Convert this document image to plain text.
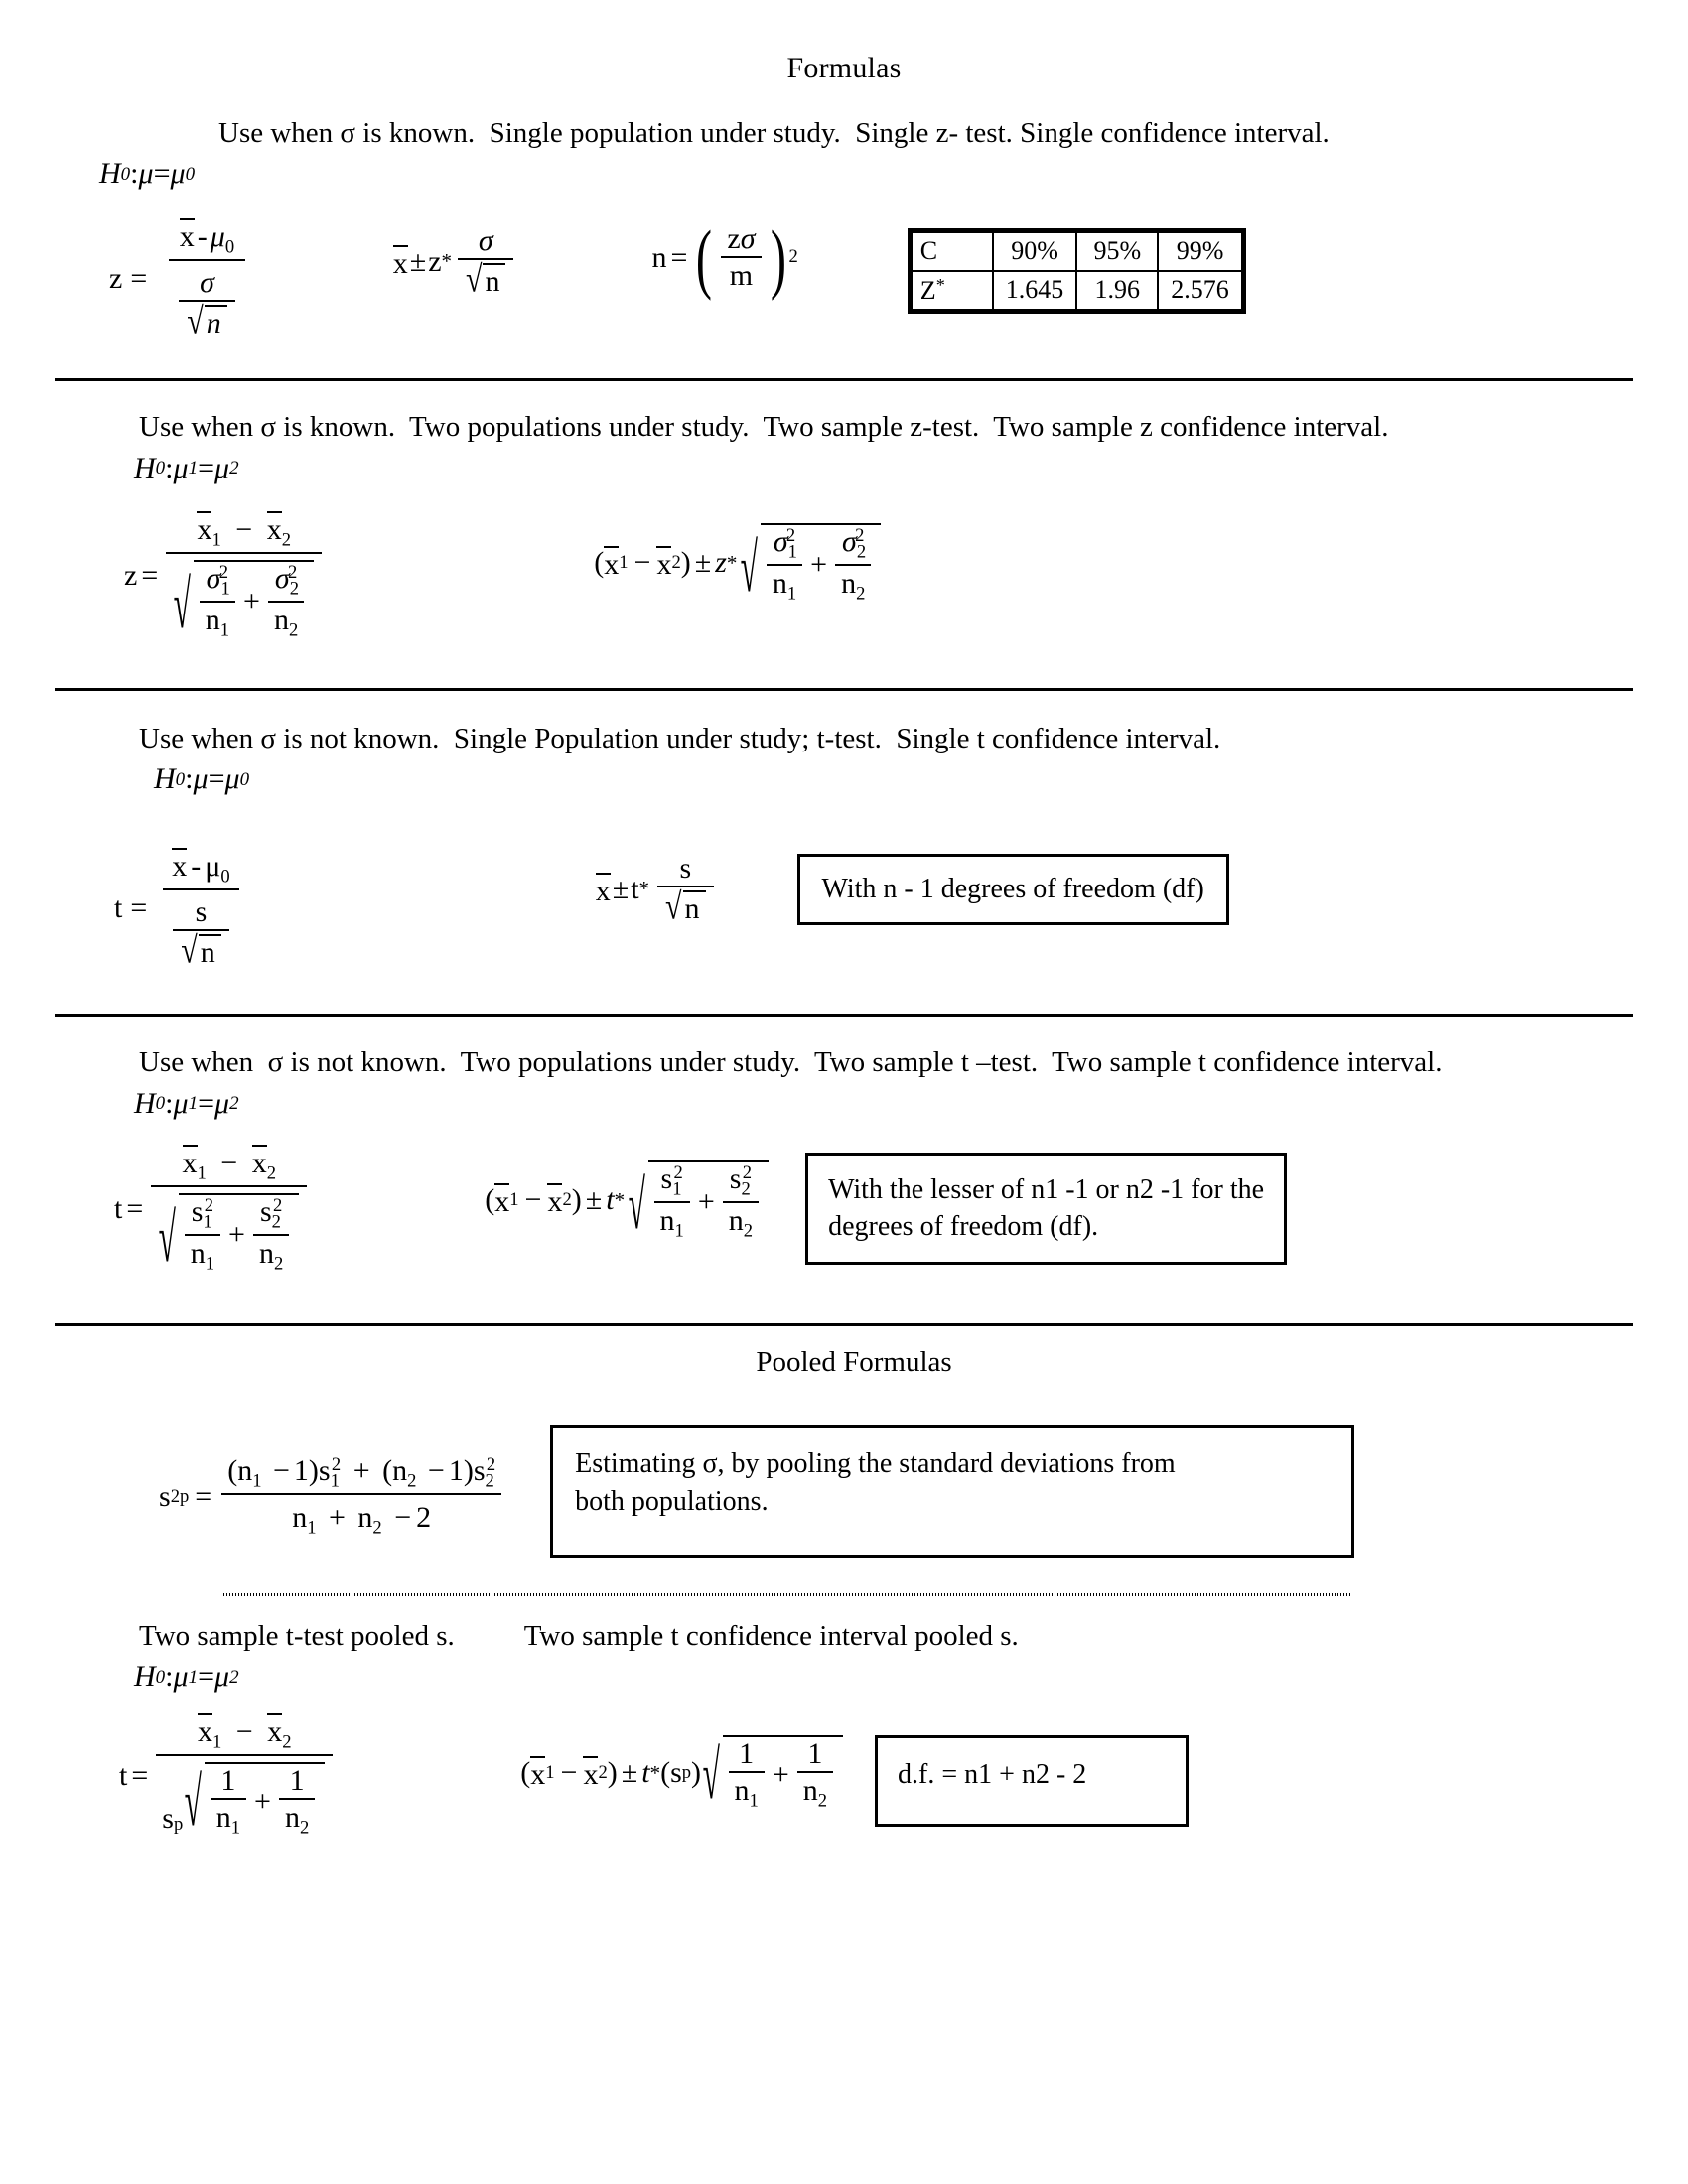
Formulas

Use when σ is known.  Single population under study.  Single z- test. Single confidence interval.

H 0 : μ = μ 0
$z = \frac{x - \mu_0}{\frac{\sigma}{√ n}}$	$x \pm z * \frac{\sigma}{√ n}$	n = ( $\frac{z\sigma}{m}$ ) 2	C	90%	95%	99%
Z*	1.645	1.96	2.576

Use when σ is known.  Two populations under study.  Two sample z-test.  Two sample z confidence interval.

H 0 : μ 1 = μ 2
z =
$x_1 - x_2$
√ $\frac{\sigma_1^2}{n_1} + \frac{\sigma_2^2}{n_2}$
( x 1 − x 2 ) ± z * √ $\frac{\sigma_1^2}{n_1} + \frac{\sigma_2^2}{n_2}$

Use when σ is not known.  Single Population under study; t-test.  Single t confidence interval.

H 0 : μ = μ 0
$t = \frac{x - \mu_0}{\frac{s}{√ n}}$	$x \pm t * \frac{s}{√ n}$	With n - 1 degrees of freedom (df)

Use when  σ is not known.  Two populations under study.  Two sample t –test.  Two sample t confidence interval.

H 0 : μ 1 = μ 2
t =
$x_1 - x_2$
√ $\frac{s_1^2}{n_1} + \frac{s_2^2}{n_2}$	( x 1 − x 2 ) ± t * √ $\frac{s_1^2}{n_1} + \frac{s_2^2}{n_2}$	With the lesser of n1 -1 or n2 -1 for the
degrees of freedom (df).
Pooled Formulas
s 2 p =
$(n_1 - 1)s_1^2 + (n_2 - 1)s_2^2$
$n_1 + n_2 - 2$
Estimating σ, by pooling the standard deviations from
both populations.
Two sample t-test pooled s. Two sample t confidence interval pooled s.
H 0 : μ 1 = μ 2
t =
$x_1 - x_2$
s p √ $\frac{1}{n_1} + \frac{1}{n_2}$	( x 1 − x 2 ) ± t * ( s p ) √ $\frac{1}{n_1} + \frac{1}{n_2}$	d.f. = n1 + n2 - 2
